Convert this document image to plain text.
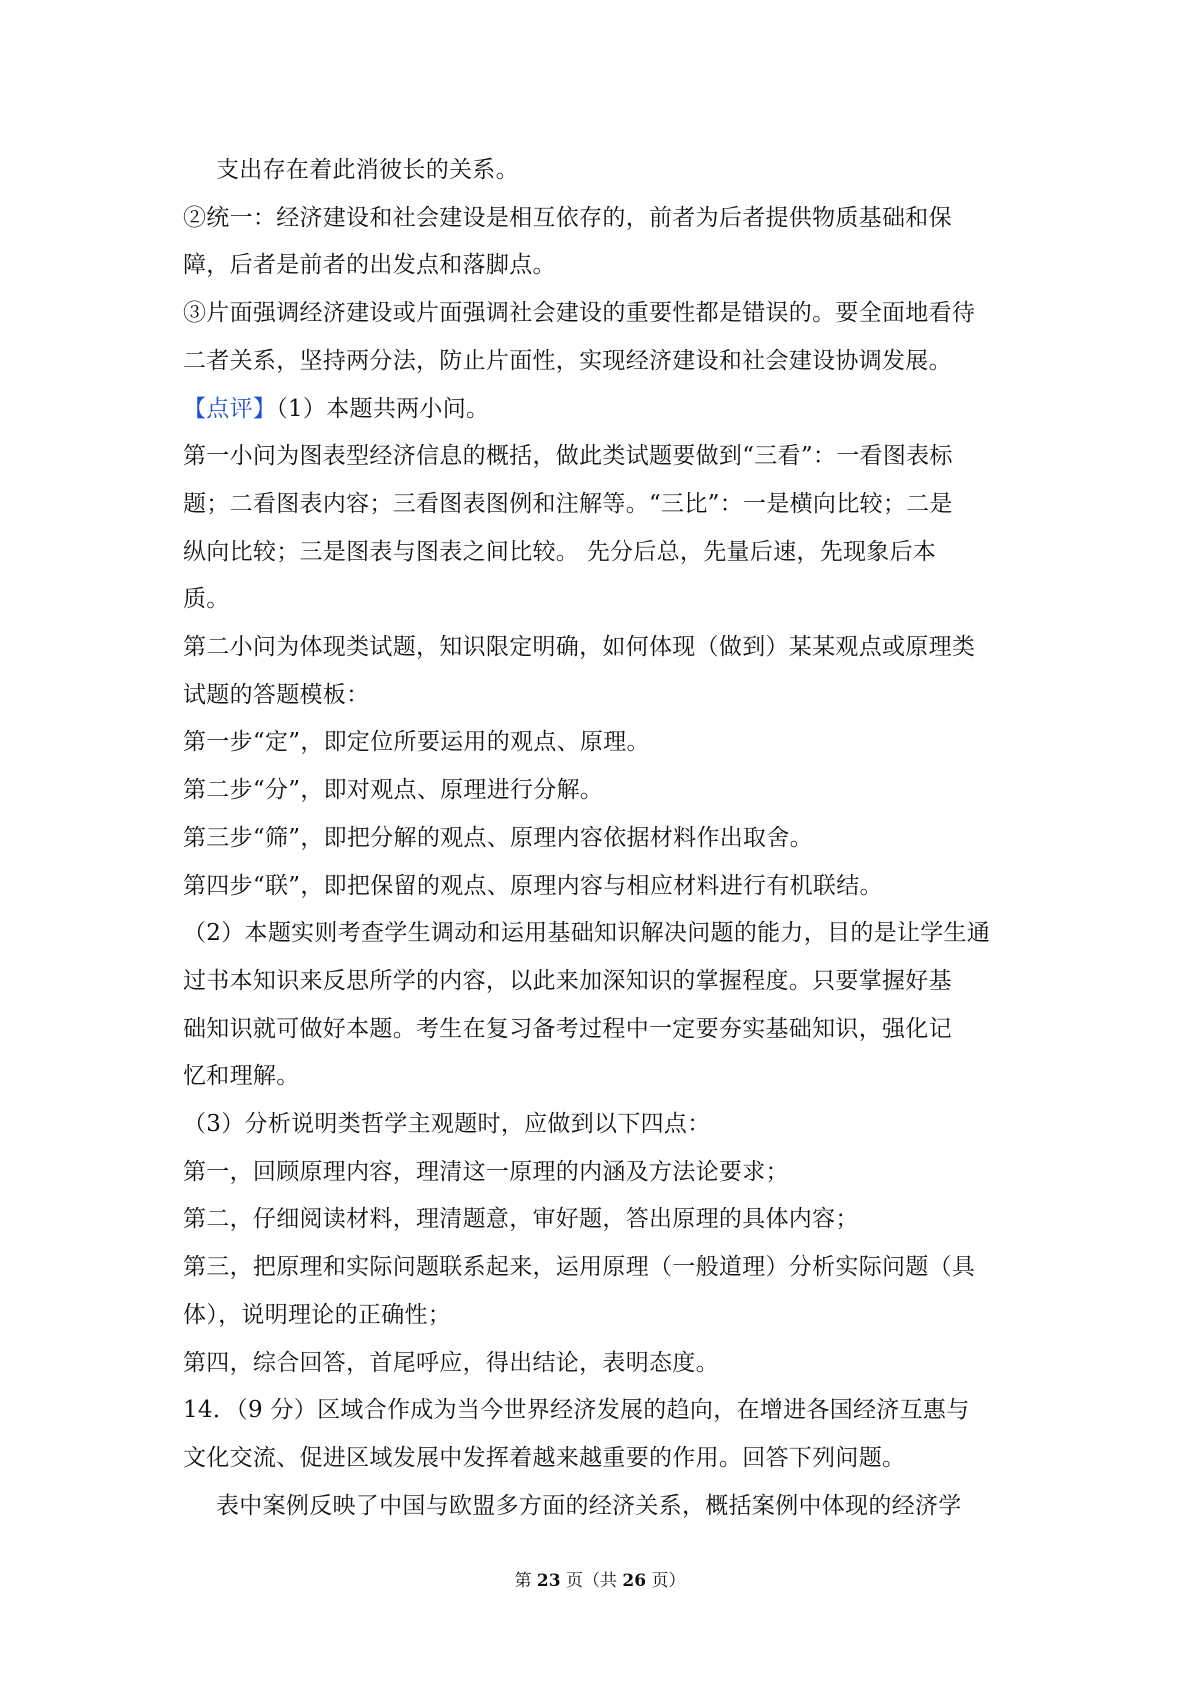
支出存在着此消彼长的关系。
②统一：经济建设和社会建设是相互依存的，前者为后者提供物质基础和保
障，后者是前者的出发点和落脚点。
③片面强调经济建设或片面强调社会建设的重要性都是错误的。要全面地看待
二者关系，坚持两分法，防止片面性，实现经济建设和社会建设协调发展。
【点评】（1）本题共两小问。
第一小问为图表型经济信息的概括，做此类试题要做到“三看”：一看图表标
题；二看图表内容；三看图表图例和注解等。“三比”：一是横向比较；二是
纵向比较；三是图表与图表之间比较。 先分后总，先量后速，先现象后本
质。
第二小问为体现类试题，知识限定明确，如何体现（做到）某某观点或原理类
试题的答题模板：
第一步“定”，即定位所要运用的观点、原理。
第二步“分”，即对观点、原理进行分解。
第三步“筛”，即把分解的观点、原理内容依据材料作出取舍。
第四步“联”，即把保留的观点、原理内容与相应材料进行有机联结。
（2）本题实则考查学生调动和运用基础知识解决问题的能力，目的是让学生通
过书本知识来反思所学的内容，以此来加深知识的掌握程度。只要掌握好基
础知识就可做好本题。考生在复习备考过程中一定要夯实基础知识，强化记
忆和理解。
（3）分析说明类哲学主观题时，应做到以下四点：
第一，回顾原理内容，理清这一原理的内涵及方法论要求；
第二，仔细阅读材料，理清题意，审好题，答出原理的具体内容；
第三，把原理和实际问题联系起来，运用原理（一般道理）分析实际问题（具
体），说明理论的正确性；
第四，综合回答，首尾呼应，得出结论，表明态度。
14．（9 分）区域合作成为当今世界经济发展的趋向，在增进各国经济互惠与
文化交流、促进区域发展中发挥着越来越重要的作用。回答下列问题。
表中案例反映了中国与欧盟多方面的经济关系，概括案例中体现的经济学
第 23 页（共 26 页）
